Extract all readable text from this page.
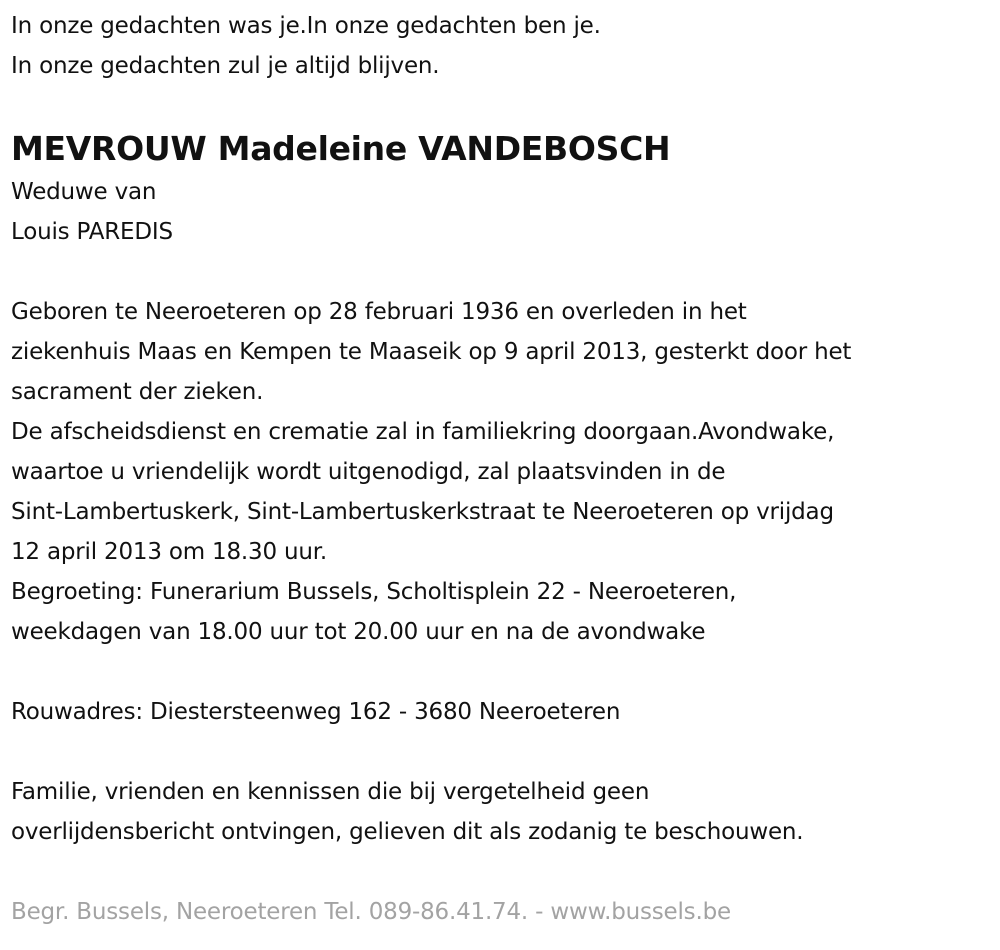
In onze gedachten was je.In onze gedachten ben je.
In onze gedachten zul je altijd blijven.
MEVROUW Madeleine VANDEBOSCH
Weduwe van
Louis PAREDIS
Geboren te Neeroeteren op 28 februari 1936 en overleden in het
ziekenhuis Maas en Kempen te Maaseik op 9 april 2013, gesterkt door het
sacrament der zieken.
De afscheidsdienst en crematie zal in familiekring doorgaan.Avondwake,
waartoe u vriendelijk wordt uitgenodigd, zal plaatsvinden in de
Sint-Lambertuskerk, Sint-Lambertuskerkstraat te Neeroeteren op vrijdag
12 april 2013 om 18.30 uur.
Begroeting: Funerarium Bussels, Scholtisplein 22 - Neeroeteren,
weekdagen van 18.00 uur tot 20.00 uur en na de avondwake
Rouwadres: Diestersteenweg 162 - 3680 Neeroeteren
Familie, vrienden en kennissen die bij vergetelheid geen
overlijdensbericht ontvingen, gelieven dit als zodanig te beschouwen.
Begr. Bussels, Neeroeteren Tel. 089-86.41.74. - www.bussels.be
